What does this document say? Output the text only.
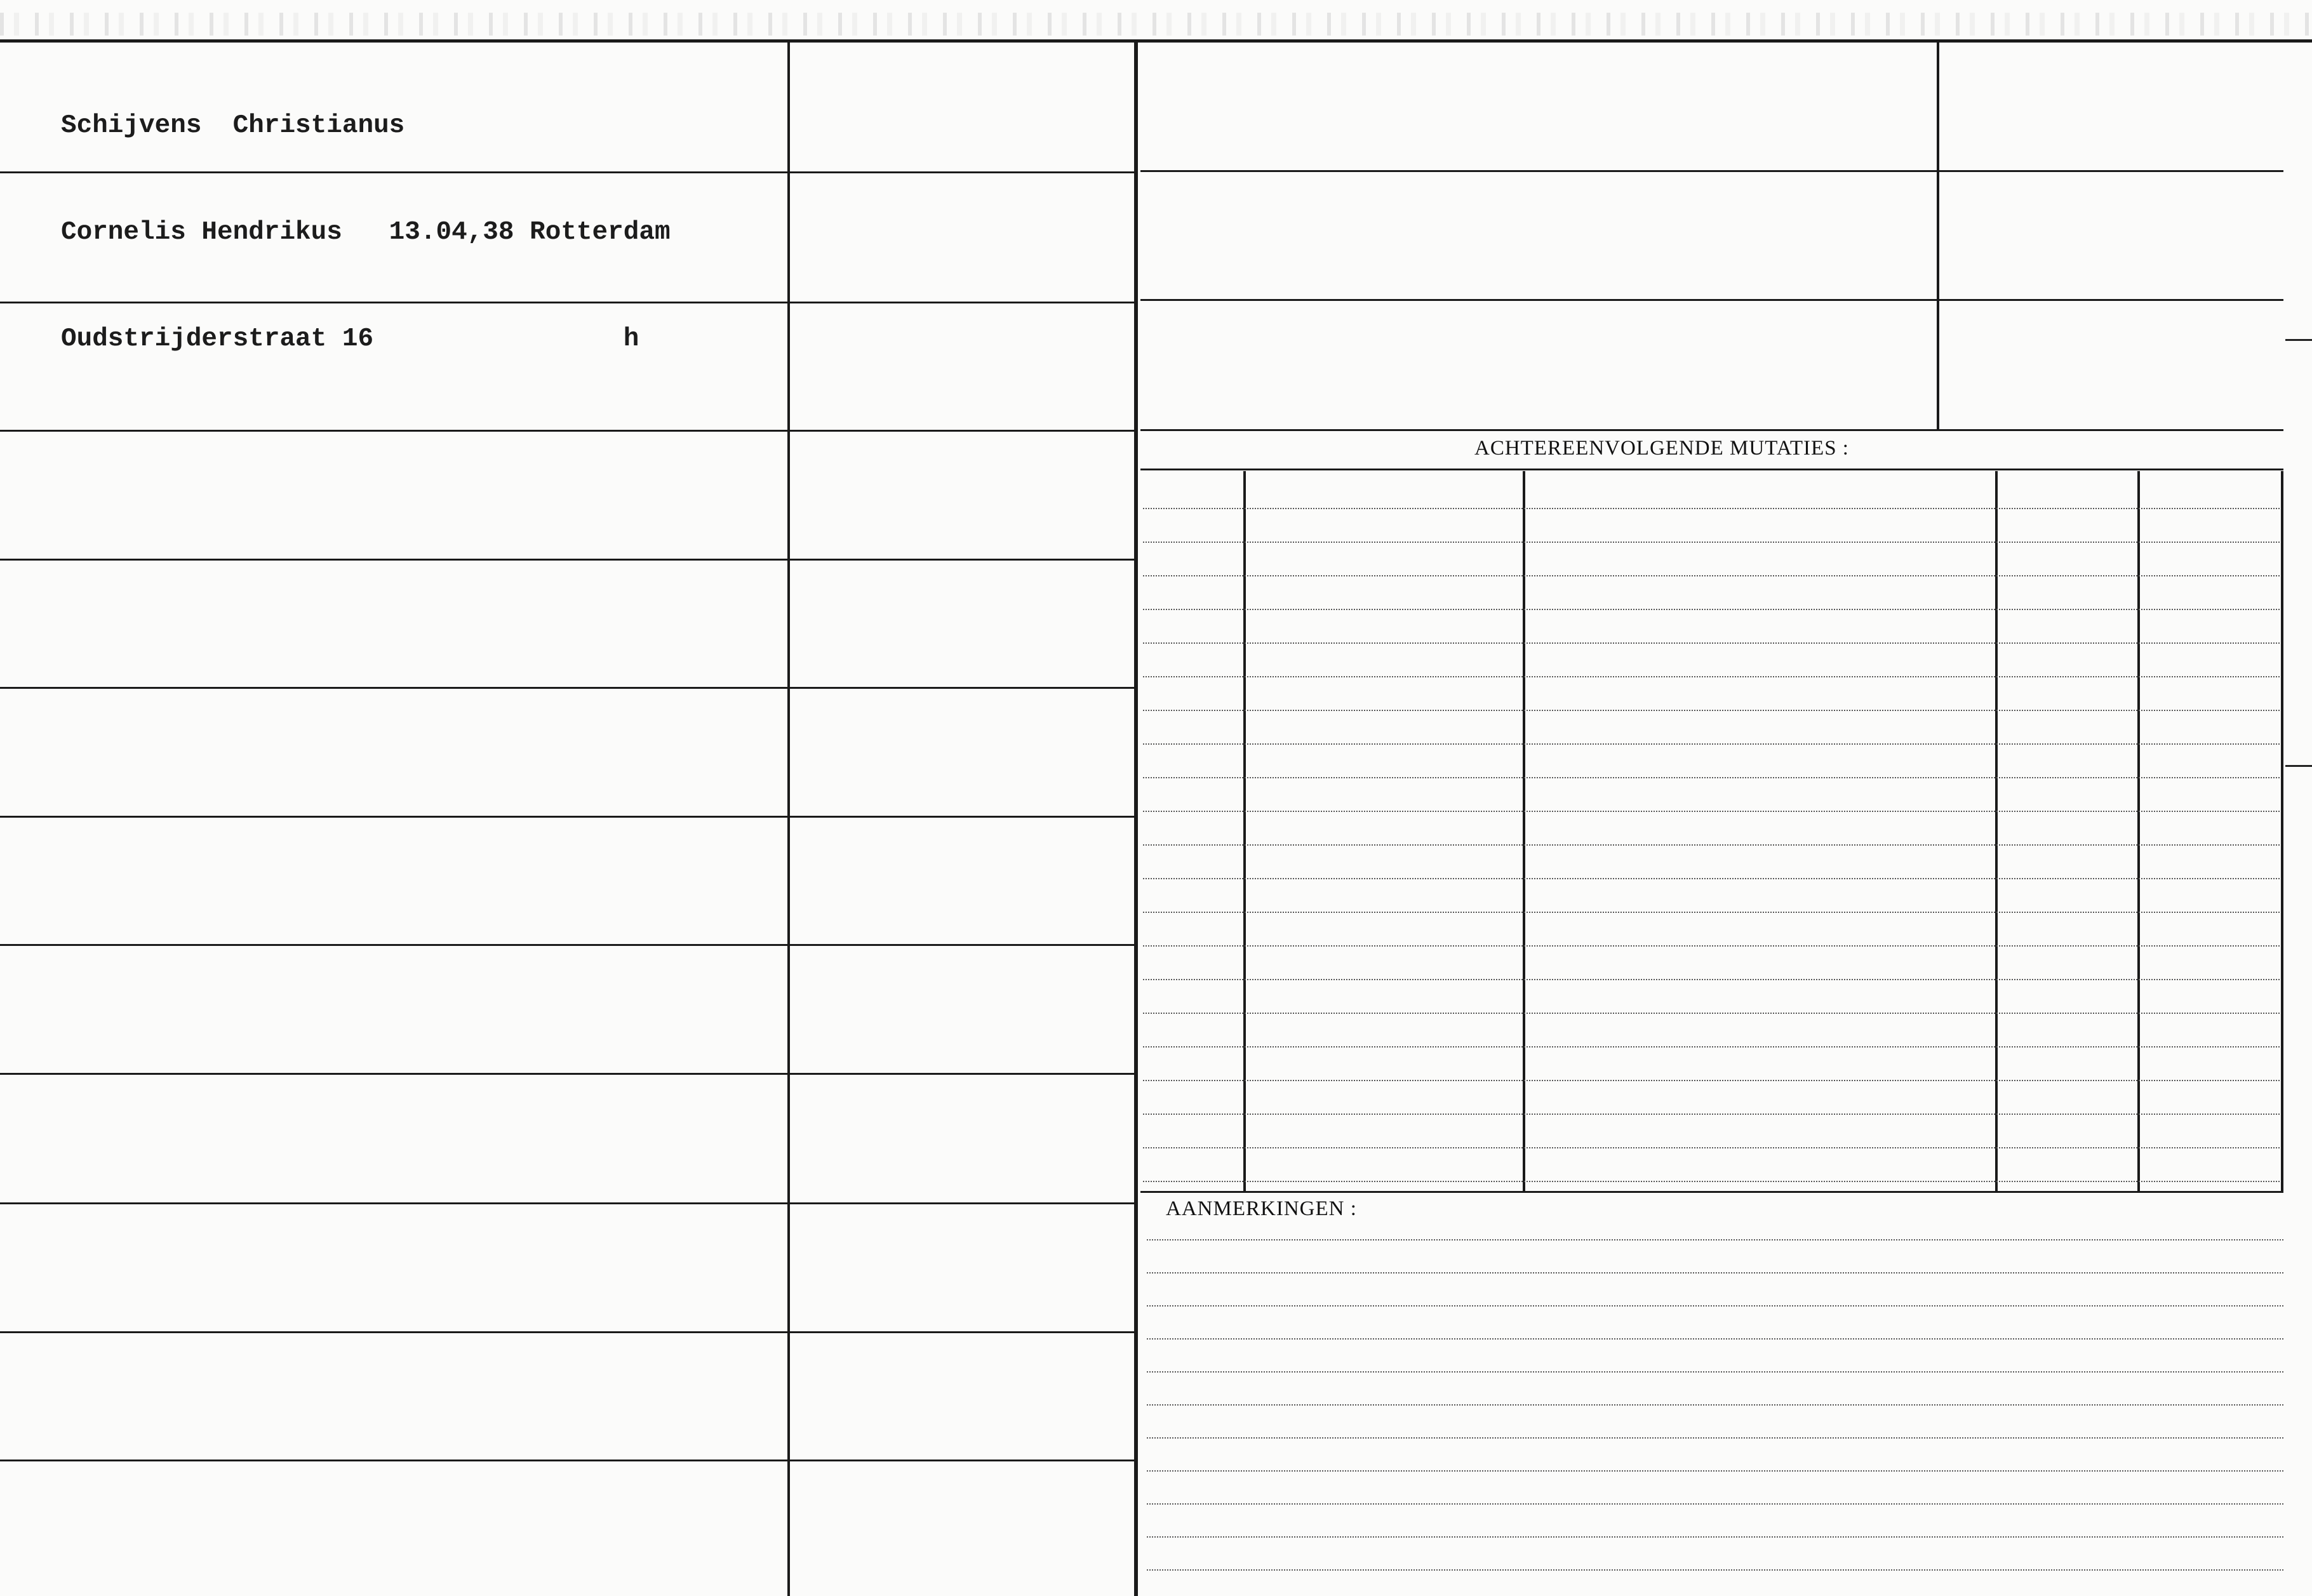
Schijvens  Christianus

Cornelis Hendrikus   13.04,38 Rotterdam

Oudstrijderstraat 16                h

ACHTEREENVOLGENDE MUTATIES :
AANMERKINGEN :
